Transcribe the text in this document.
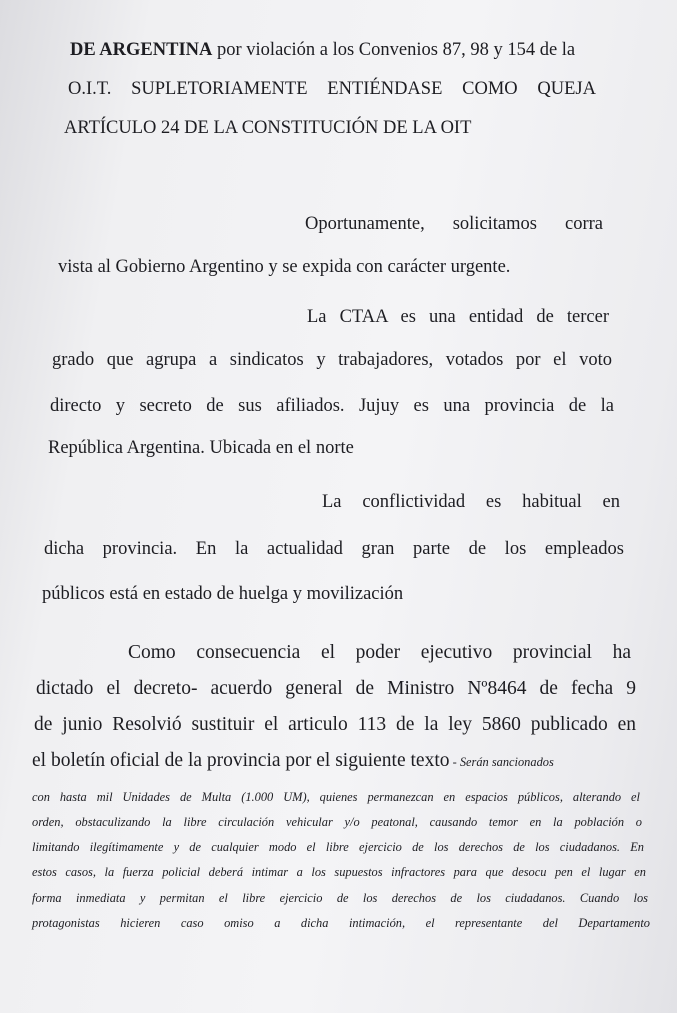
DE ARGENTINA por violación a los Convenios 87, 98 y 154 de la
O.I.T. SUPLETORIAMENTE ENTIÉNDASE COMO QUEJA
ARTÍCULO 24 DE LA CONSTITUCIÓN DE LA OIT
Oportunamente, solicitamos corra
vista al Gobierno Argentino y se expida con carácter urgente.
La CTAA es una entidad de tercer
grado que agrupa a sindicatos y trabajadores, votados por el voto
directo y secreto de sus afiliados. Jujuy es una provincia de la
República Argentina. Ubicada en el norte
La conflictividad es habitual en
dicha provincia. En la actualidad gran parte de los empleados
públicos está en estado de huelga y movilización
Como consecuencia el poder ejecutivo provincial ha
dictado el decreto- acuerdo general de Ministro Nº8464 de fecha 9
de junio Resolvió sustituir el articulo 113 de la ley 5860 publicado en
el boletín oficial de la provincia por el siguiente texto - Serán sancionados
con hasta mil Unidades de Multa (1.000 UM), quienes permanezcan en espacios públicos, alterando el
orden, obstaculizando la libre circulación vehicular y/o peatonal, causando temor en la población o
limitando ilegítimamente y de cualquier modo el libre ejercicio de los derechos de los ciudadanos. En
estos casos, la fuerza policial deberá intimar a los supuestos infractores para que desocu pen el lugar en
forma inmediata y permitan el libre ejercicio de los derechos de los ciudadanos. Cuando los
protagonistas hicieren caso omiso a dicha intimación, el representante del Departamento
